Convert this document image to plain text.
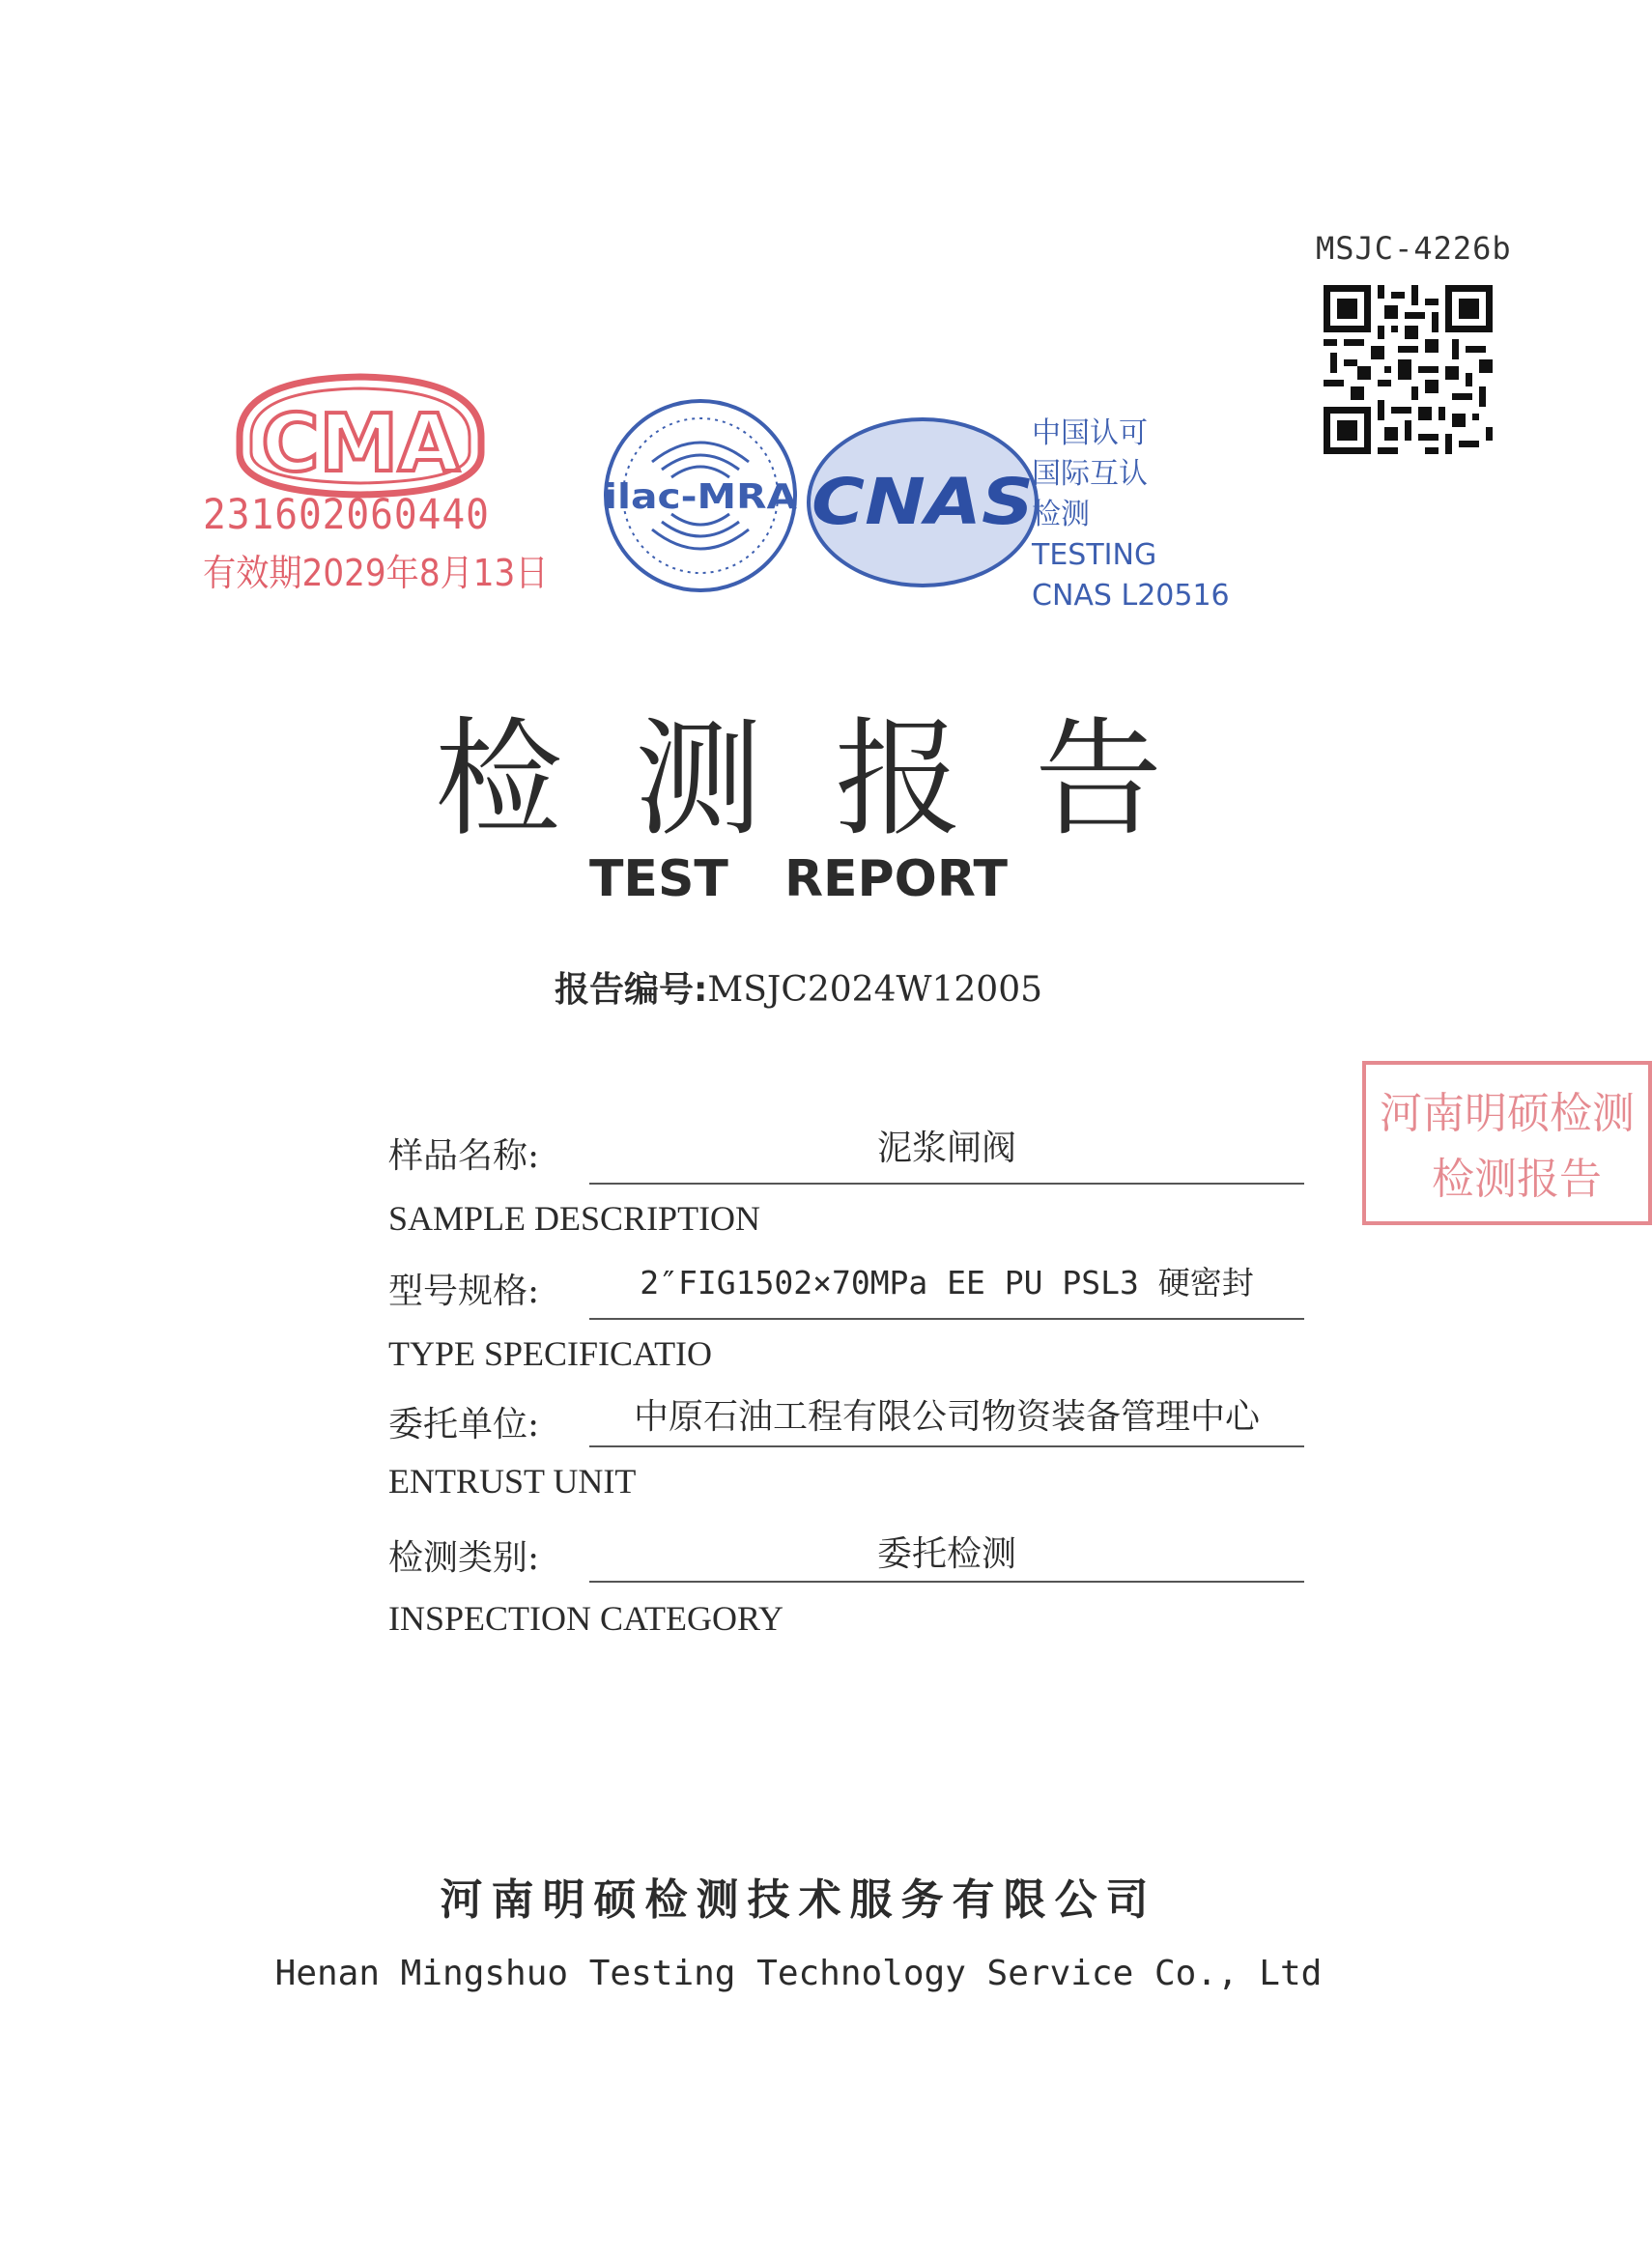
MSJC-4226b
CMA
231602060440
有效期2029年8月13日
ilac-MRA CNAS
中国认可
国际互认
检测
TESTING
CNAS L20516
检测报告
TEST REPORT
报告编号:MSJC2024W12005
河南明硕检测
检测报告
样品名称:	泥浆闸阀
SAMPLE DESCRIPTION
型号规格:	2″FIG1502×70MPa EE PU PSL3 硬密封
TYPE SPECIFICATIO
委托单位:	中原石油工程有限公司物资装备管理中心
ENTRUST UNIT
检测类别:	委托检测
INSPECTION CATEGORY
河南明硕检测技术服务有限公司
Henan Mingshuo Testing Technology Service Co., Ltd
